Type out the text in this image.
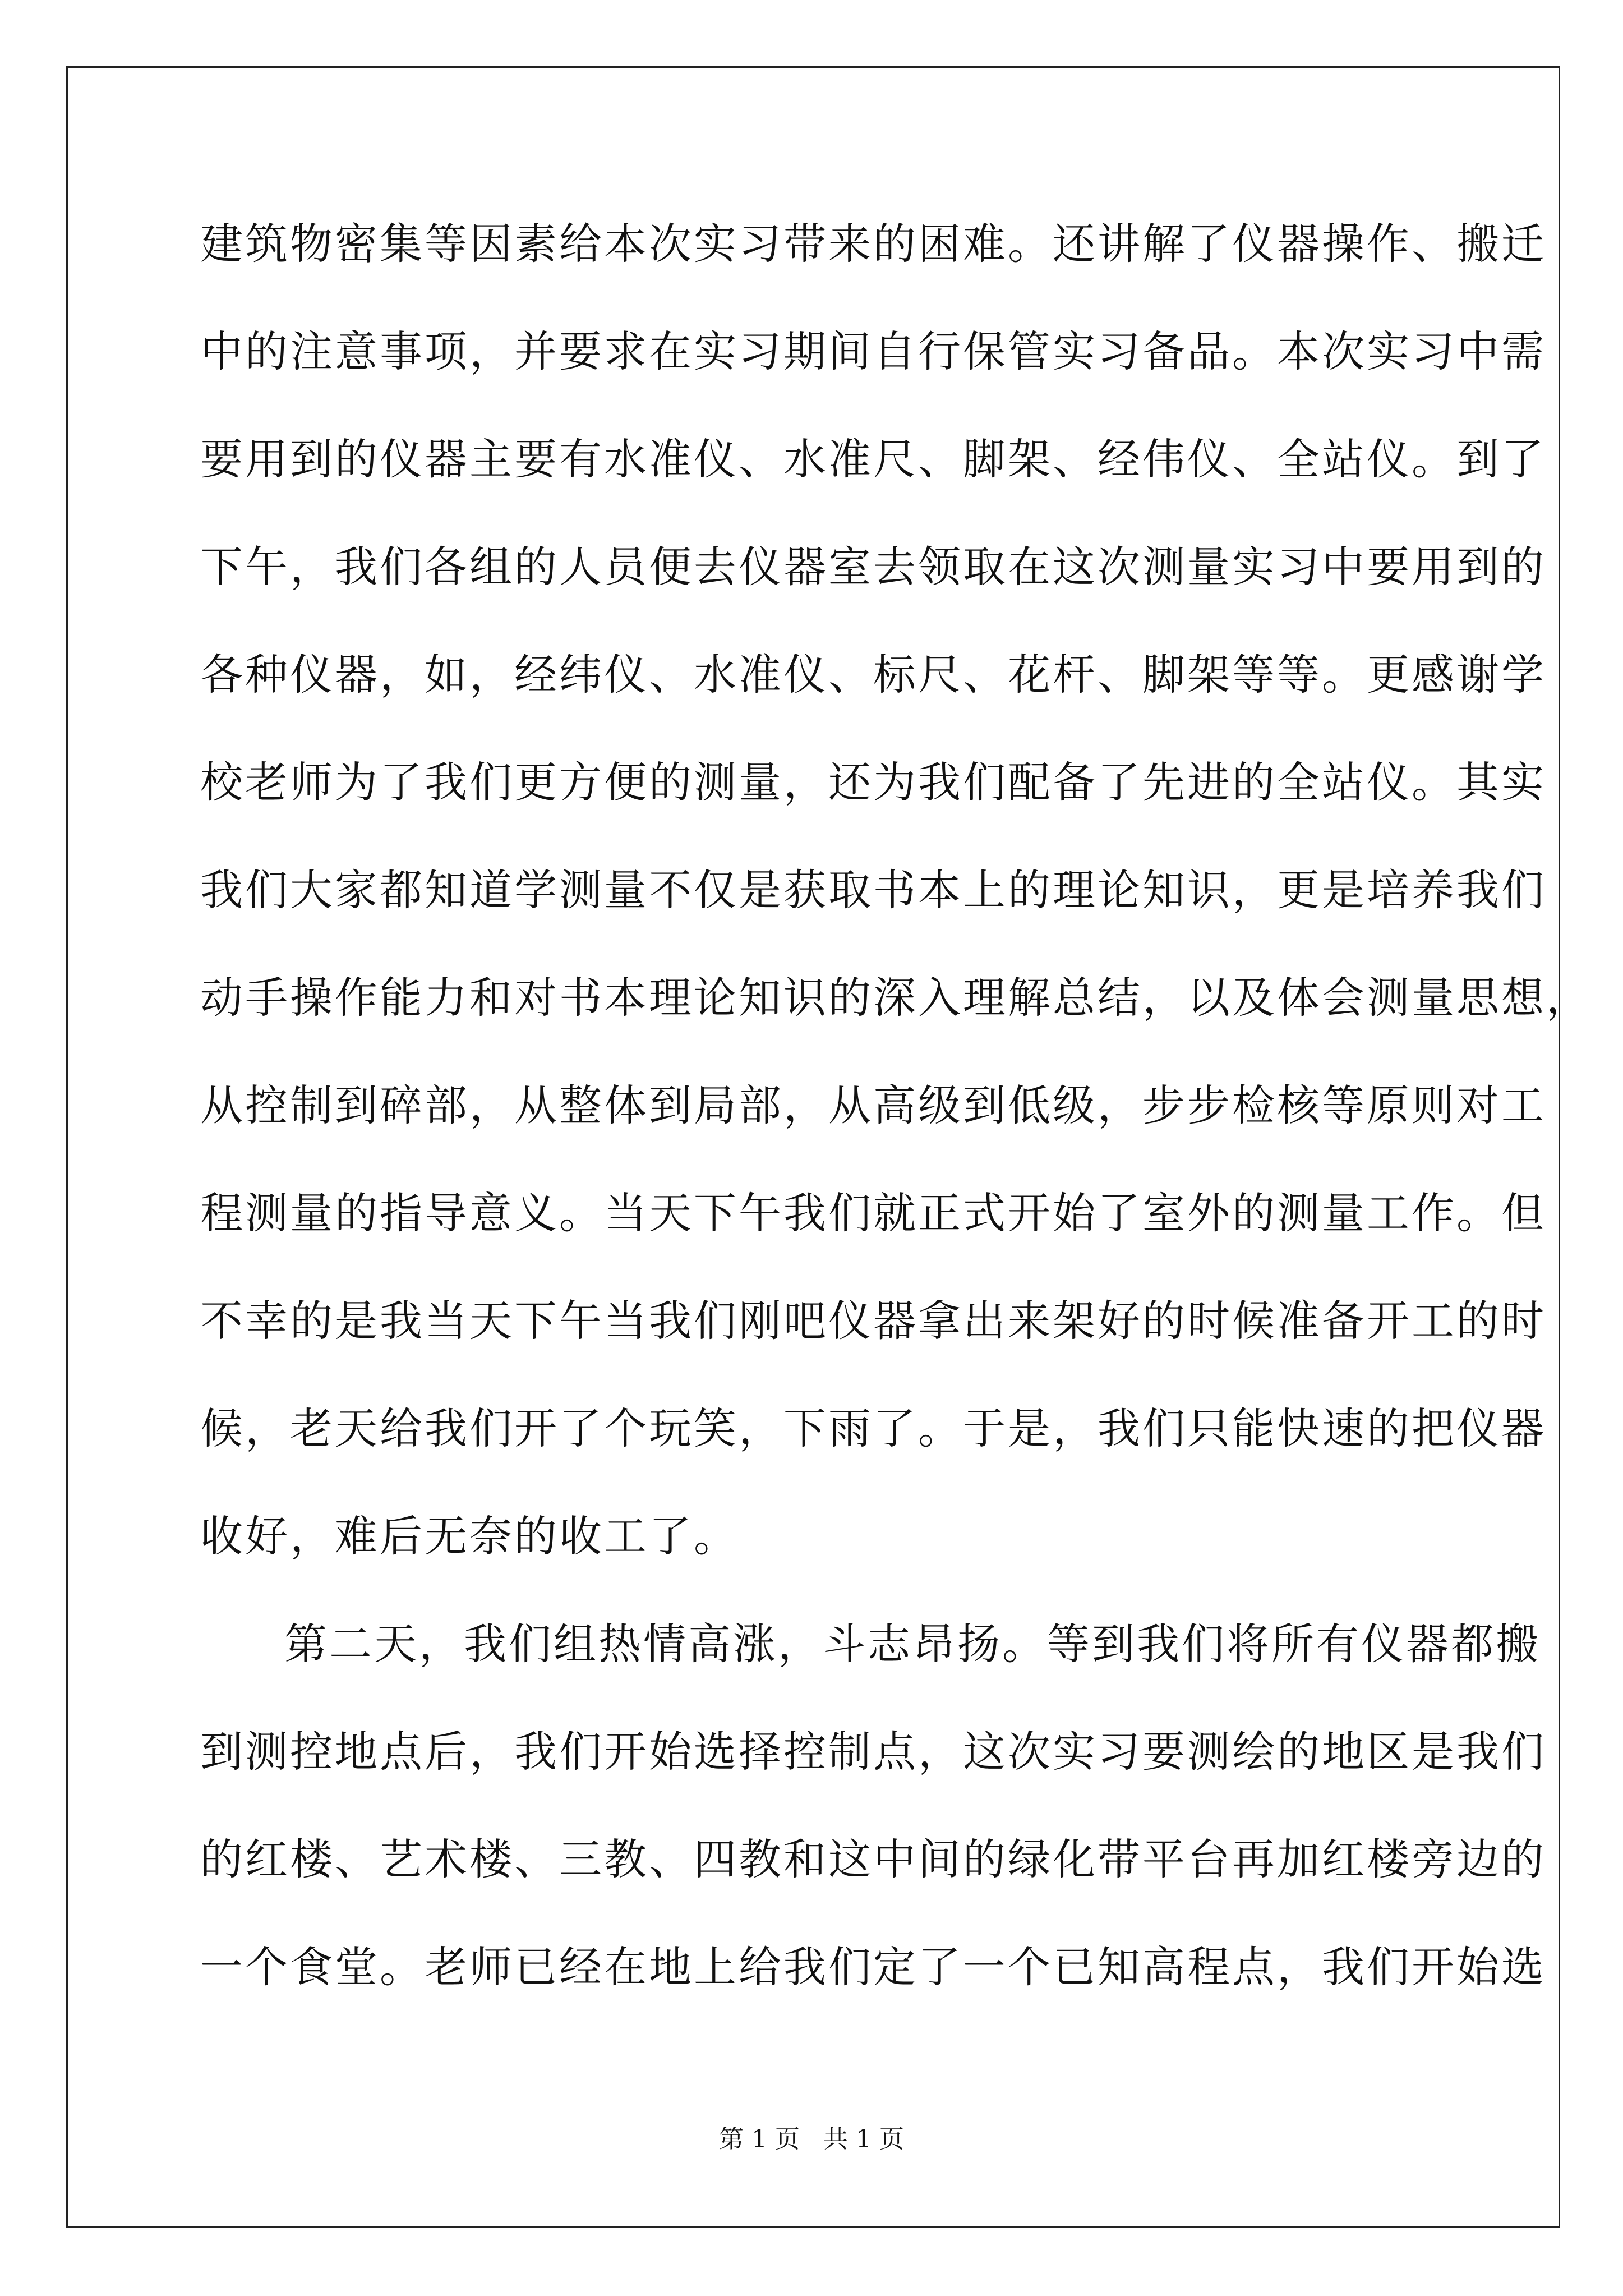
建筑物密集等因素给本次实习带来的困难。还讲解了仪器操作、搬迁
中的注意事项，并要求在实习期间自行保管实习备品。本次实习中需
要用到的仪器主要有水准仪、水准尺、脚架、经伟仪、全站仪。到了
下午，我们各组的人员便去仪器室去领取在这次测量实习中要用到的
各种仪器，如，经纬仪、水准仪、标尺、花杆、脚架等等。更感谢学
校老师为了我们更方便的测量，还为我们配备了先进的全站仪。其实
我们大家都知道学测量不仅是获取书本上的理论知识，更是培养我们
动手操作能力和对书本理论知识的深入理解总结，以及体会测量思想，
从控制到碎部，从整体到局部，从高级到低级，步步检核等原则对工
程测量的指导意义。当天下午我们就正式开始了室外的测量工作。但
不幸的是我当天下午当我们刚吧仪器拿出来架好的时候准备开工的时
候，老天给我们开了个玩笑，下雨了。于是，我们只能快速的把仪器
收好，难后无奈的收工了。
第二天，我们组热情高涨，斗志昂扬。等到我们将所有仪器都搬
到测控地点后，我们开始选择控制点，这次实习要测绘的地区是我们
的红楼、艺术楼、三教、四教和这中间的绿化带平台再加红楼旁边的
一个食堂。老师已经在地上给我们定了一个已知高程点，我们开始选
第 1 页   共 1 页
